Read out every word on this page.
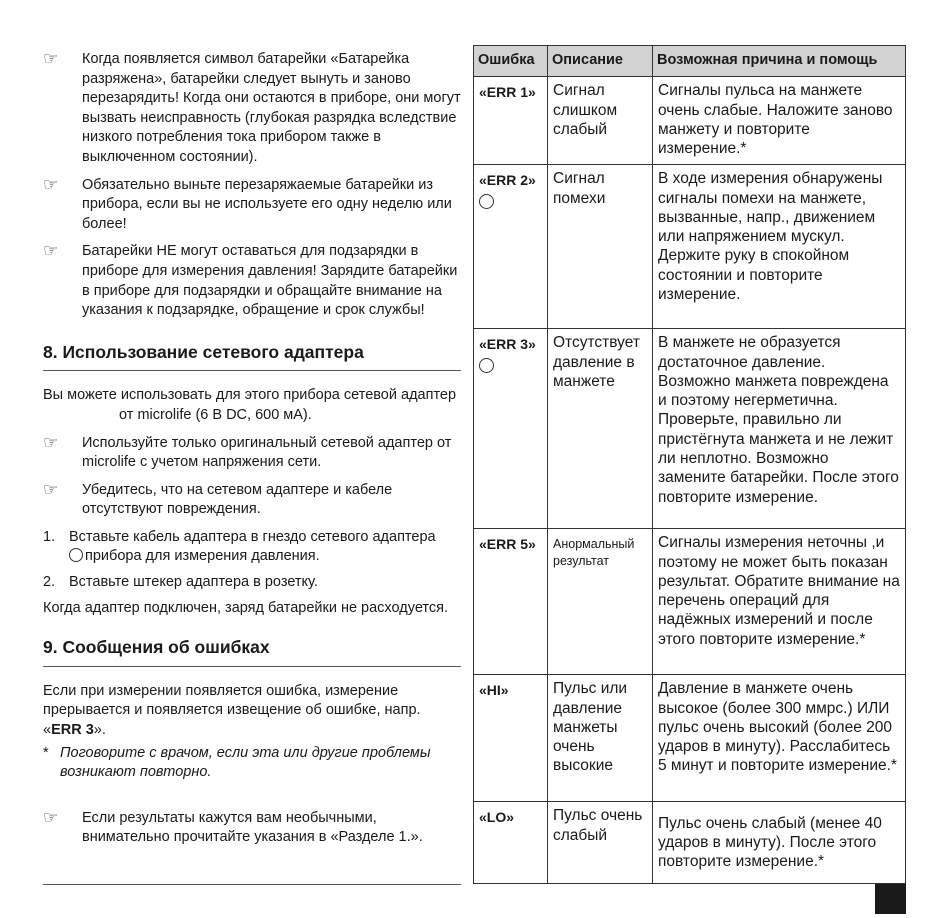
☞ Когда появляется символ батарейки «Батарейка разряжена», батарейки следует вынуть и заново перезарядить! Когда они остаются в приборе, они могут вызвать неисправность (глубокая разрядка вследствие низкого потребления тока прибором также в выключенном состоянии).
☞ Обязательно выньте перезаряжаемые батарейки из прибора, если вы не используете его одну неделю или более!
☞ Батарейки НЕ могут оставаться для подзарядки в приборе для измерения давления! Зарядите батарейки в приборе для подзарядки и обращайте внимание на указания к подзарядке, обращение и срок службы!
8. Использование сетевого адаптера

Вы можете использовать для этого прибора сетевой адаптер  от microlife (6 В DC, 600 мА).

☞ Используйте только оригинальный сетевой адаптер от microlife с учетом напряжения сети.
☞ Убедитесь, что на сетевом адаптере и кабеле отсутствуют повреждения.
1. Вставьте кабель адаптера в гнездо сетевого адаптера
прибора для измерения давления.
2. Вставьте штекер адаптера в розетку.

Когда адаптер подключен, заряд батарейки не расходуется.

9. Сообщения об ошибках

Если при измерении появляется ошибка, измерение прерывается и появляется извещение об ошибке, напр.
«ERR 3».

* Поговорите с врачом, если эта или другие проблемы возникают повторно.
☞ Если результаты кажутся вам необычными, внимательно прочитайте указания в «Разделе 1.».
Ошибка	Описание	Возможная причина и помощь
«ERR 1»	Сигнал слишком слабый	Сигналы пульса на манжете очень слабые. Наложите заново манжету и повторите измерение.*
«ERR 2»	Сигнал помехи	В ходе измерения обнаружены сигналы помехи на манжете, вызванные, напр., движением или напряжением мускул. Держите руку в спокойном состоянии и повторите измерение.
«ERR 3»	Отсутствует давление в манжете	В манжете не образуется достаточное давление. Возможно манжета повреждена и поэтому негерметична. Проверьте, правильно ли пристёгнута манжета и не лежит ли неплотно. Возможно замените батарейки. После этого повторите измерение.
«ERR 5»	Анормальный результат	Сигналы измерения неточны ,и поэтому не может быть показан результат. Обратите внимание на перечень операций для надёжных измерений и после этого повторите измерение.*
«HI»	Пульс или давление манжеты очень высокие	Давление в манжете очень высокое (более 300 ммрс.) ИЛИ пульс очень высокий (более 200 ударов в минуту). Расслабитесь 5 минут и повторите измерение.*
«LO»	Пульс очень слабый	Пульс очень слабый (менее 40 ударов в минуту). После этого повторите измерение.*
